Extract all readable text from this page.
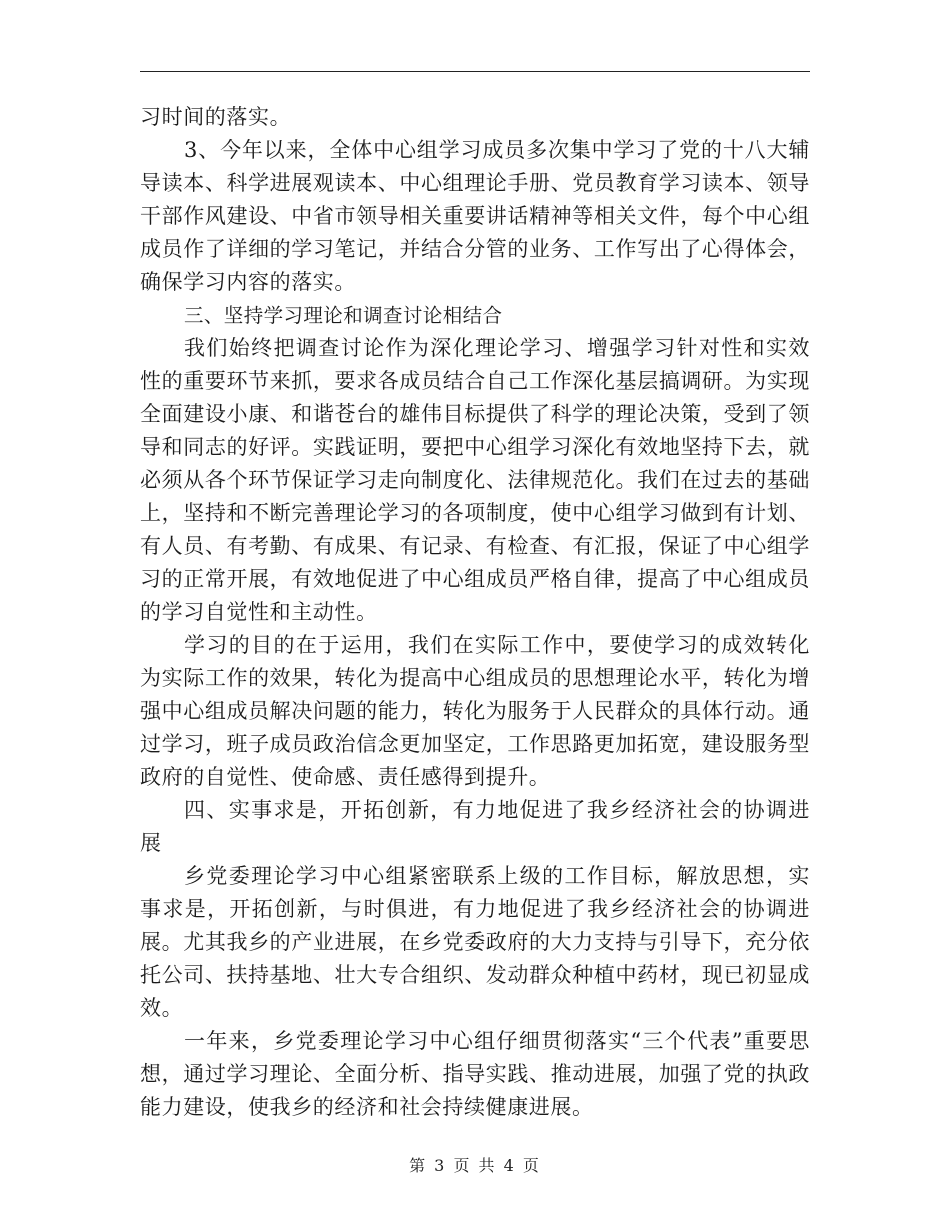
习时间的落实。

3、今年以来，全体中心组学习成员多次集中学习了党的十八大辅导读本、科学进展观读本、中心组理论手册、党员教育学习读本、领导干部作风建设、中省市领导相关重要讲话精神等相关文件，每个中心组成员作了详细的学习笔记，并结合分管的业务、工作写出了心得体会，确保学习内容的落实。

三、坚持学习理论和调查讨论相结合

我们始终把调查讨论作为深化理论学习、增强学习针对性和实效性的重要环节来抓，要求各成员结合自己工作深化基层搞调研。为实现全面建设小康、和谐苍台的雄伟目标提供了科学的理论决策，受到了领导和同志的好评。实践证明，要把中心组学习深化有效地坚持下去，就必须从各个环节保证学习走向制度化、法律规范化。我们在过去的基础上，坚持和不断完善理论学习的各项制度，使中心组学习做到有计划、有人员、有考勤、有成果、有记录、有检查、有汇报，保证了中心组学习的正常开展，有效地促进了中心组成员严格自律，提高了中心组成员的学习自觉性和主动性。

学习的目的在于运用，我们在实际工作中，要使学习的成效转化为实际工作的效果，转化为提高中心组成员的思想理论水平，转化为增强中心组成员解决问题的能力，转化为服务于人民群众的具体行动。通过学习，班子成员政治信念更加坚定，工作思路更加拓宽，建设服务型政府的自觉性、使命感、责任感得到提升。

四、实事求是，开拓创新，有力地促进了我乡经济社会的协调进展

乡党委理论学习中心组紧密联系上级的工作目标，解放思想，实事求是，开拓创新，与时俱进，有力地促进了我乡经济社会的协调进展。尤其我乡的产业进展，在乡党委政府的大力支持与引导下，充分依托公司、扶持基地、壮大专合组织、发动群众种植中药材，现已初显成效。

一年来，乡党委理论学习中心组仔细贯彻落实“三个代表”重要思想，通过学习理论、全面分析、指导实践、推动进展，加强了党的执政能力建设，使我乡的经济和社会持续健康进展。

第 3 页 共 4 页
